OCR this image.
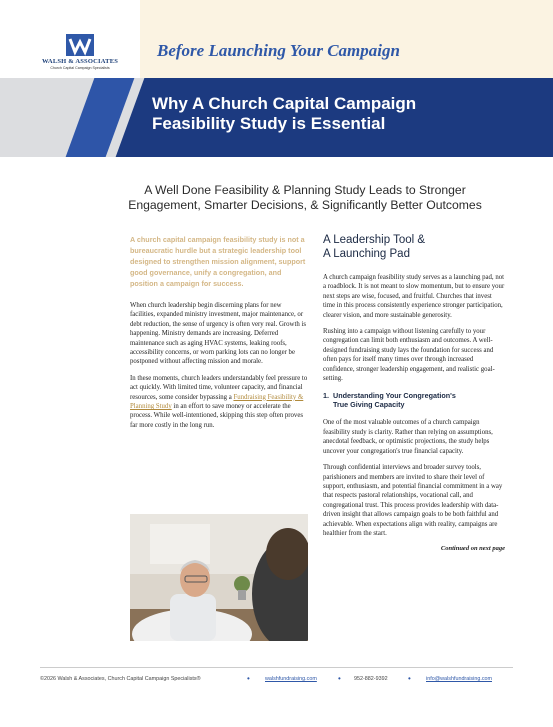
WALSH & ASSOCIATES
Church Capital Campaign Specialists
Before Launching Your Campaign
Why A Church Capital Campaign
Feasibility Study is Essential
A Well Done Feasibility & Planning Study Leads to Stronger
Engagement, Smarter Decisions, & Significantly Better Outcomes
A church capital campaign feasibility study is not a bureaucratic hurdle but a strategic leadership tool designed to strengthen mission alignment, support good governance, unify a congregation, and position a campaign for success.

When church leadership begin discerning plans for new facilities, expanded ministry investment, major maintenance, or debt reduction, the sense of urgency is often very real. Growth is happening. Ministry demands are increasing. Deferred maintenance such as aging HVAC systems, leaking roofs, accessibility concerns, or worn parking lots can no longer be postponed without affecting mission and morale.

In these moments, church leaders understandably feel pressure to act quickly. With limited time, volunteer capacity, and financial resources, some consider bypassing a Fundraising Feasibility & Planning Study in an effort to save money or accelerate the process. While well-intentioned, skipping this step often proves far more costly in the long run.

A Leadership Tool &
A Launching Pad

A church campaign feasibility study serves as a launching pad, not a roadblock. It is not meant to slow momentum, but to ensure your next steps are wise, focused, and fruitful. Churches that invest time in this process consistently experience stronger participation, clearer vision, and more sustainable generosity.

Rushing into a campaign without listening carefully to your congregation can limit both enthusiasm and outcomes. A well-designed fundraising study lays the foundation for success and often pays for itself many times over through increased confidence, stronger leadership engagement, and realistic goal-setting.

1. Understanding Your Congregation's
True Giving Capacity

One of the most valuable outcomes of a church campaign feasibility study is clarity. Rather than relying on assumptions, anecdotal feedback, or optimistic projections, the study helps uncover your congregation's true financial capacity.

Through confidential interviews and broader survey tools, parishioners and members are invited to share their level of support, enthusiasm, and potential financial commitment in a way that respects pastoral relationships, vocational call, and congregational trust. This process provides leadership with data-driven insight that allows campaign goals to be both faithful and achievable. When expectations align with reality, campaigns are healthier from the start.

Continued on next page
©2026 Walsh & Associates, Church Capital Campaign Specialists®	•	walshfundraising.com	• 952-882-9392	•	info@walshfundraising.com
